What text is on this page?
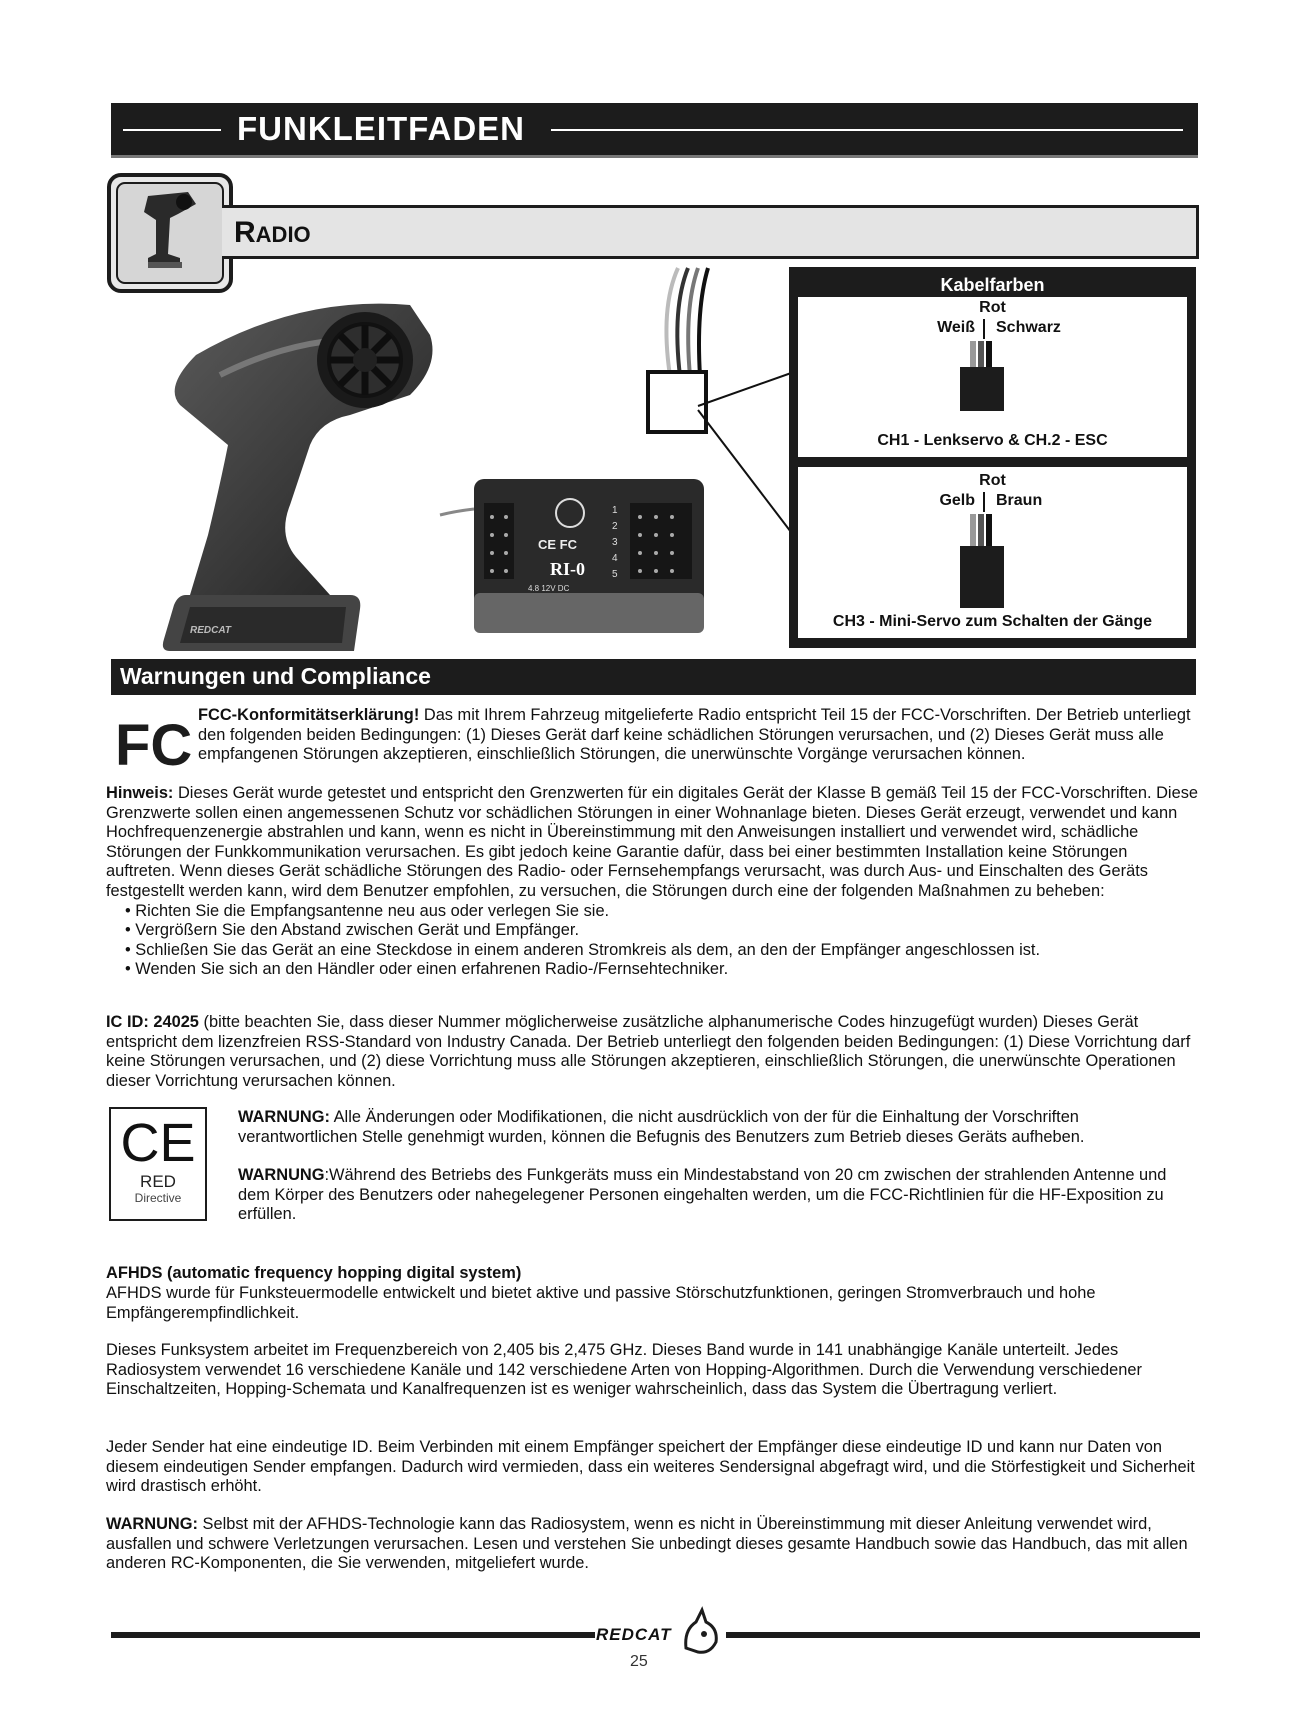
FUNKLEITFADEN
RADIO
REDCAT
CE FC
RI-0
4.8 12V DC
1
2
3
4
5
Kabelfarben
Rot
Weiß Schwarz
CH1 - Lenkservo & CH.2 - ESC
Rot
Gelb Braun
CH3 - Mini-Servo zum Schalten der Gänge
Warnungen und Compliance
FC FCC-Konformitätserklärung! Das mit Ihrem Fahrzeug mitgelieferte Radio entspricht Teil 15 der FCC-Vorschriften. Der Betrieb unterliegt den folgenden beiden Bedingungen: (1) Dieses Gerät darf keine schädlichen Störungen verursachen, und (2) Dieses Gerät muss alle empfangenen Störungen akzeptieren, einschließlich Störungen, die unerwünschte Vorgänge verursachen können.
Hinweis: Dieses Gerät wurde getestet und entspricht den Grenzwerten für ein digitales Gerät der Klasse B gemäß Teil 15 der FCC-Vorschriften. Diese Grenzwerte sollen einen angemessenen Schutz vor schädlichen Störungen in einer Wohnanlage bieten. Dieses Gerät erzeugt, verwendet und kann Hochfrequenzenergie abstrahlen und kann, wenn es nicht in Übereinstimmung mit den Anweisungen installiert und verwendet wird, schädliche Störungen der Funkkommunikation verursachen. Es gibt jedoch keine Garantie dafür, dass bei einer bestimmten Installation keine Störungen auftreten. Wenn dieses Gerät schädliche Störungen des Radio- oder Fernsehempfangs verursacht, was durch Aus- und Einschalten des Geräts festgestellt werden kann, wird dem Benutzer empfohlen, zu versuchen, die Störungen durch eine der folgenden Maßnahmen zu beheben:
• Richten Sie die Empfangsantenne neu aus oder verlegen Sie sie.
• Vergrößern Sie den Abstand zwischen Gerät und Empfänger.
• Schließen Sie das Gerät an eine Steckdose in einem anderen Stromkreis als dem, an den der Empfänger angeschlossen ist.
• Wenden Sie sich an den Händler oder einen erfahrenen Radio-/Fernsehtechniker.
IC ID: 24025 (bitte beachten Sie, dass dieser Nummer möglicherweise zusätzliche alphanumerische Codes hinzugefügt wurden) Dieses Gerät entspricht dem lizenzfreien RSS-Standard von Industry Canada. Der Betrieb unterliegt den folgenden beiden Bedingungen: (1) Diese Vorrichtung darf keine Störungen verursachen, und (2) diese Vorrichtung muss alle Störungen akzeptieren, einschließlich Störungen, die unerwünschte Operationen dieser Vorrichtung verursachen können.
CE
RED
Directive
WARNUNG: Alle Änderungen oder Modifikationen, die nicht ausdrücklich von der für die Einhaltung der Vorschriften verantwortlichen Stelle genehmigt wurden, können die Befugnis des Benutzers zum Betrieb dieses Geräts aufheben.
WARNUNG:Während des Betriebs des Funkgeräts muss ein Mindestabstand von 20 cm zwischen der strahlenden Antenne und dem Körper des Benutzers oder nahegelegener Personen eingehalten werden, um die FCC-Richtlinien für die HF-Exposition zu erfüllen.
AFHDS (automatic frequency hopping digital system)
AFHDS wurde für Funksteuermodelle entwickelt und bietet aktive und passive Störschutzfunktionen, geringen Stromverbrauch und hohe Empfängerempfindlichkeit.
Dieses Funksystem arbeitet im Frequenzbereich von 2,405 bis 2,475 GHz. Dieses Band wurde in 141 unabhängige Kanäle unterteilt. Jedes Radiosystem verwendet 16 verschiedene Kanäle und 142 verschiedene Arten von Hopping-Algorithmen. Durch die Verwendung verschiedener Einschaltzeiten, Hopping-Schemata und Kanalfrequenzen ist es weniger wahrscheinlich, dass das System die Übertragung verliert.
Jeder Sender hat eine eindeutige ID. Beim Verbinden mit einem Empfänger speichert der Empfänger diese eindeutige ID und kann nur Daten von diesem eindeutigen Sender empfangen. Dadurch wird vermieden, dass ein weiteres Sendersignal abgefragt wird, und die Störfestigkeit und Sicherheit wird drastisch erhöht.
WARNUNG: Selbst mit der AFHDS-Technologie kann das Radiosystem, wenn es nicht in Übereinstimmung mit dieser Anleitung verwendet wird, ausfallen und schwere Verletzungen verursachen. Lesen und verstehen Sie unbedingt dieses gesamte Handbuch sowie das Handbuch, das mit allen anderen RC-Komponenten, die Sie verwenden, mitgeliefert wurde.
REDCAT
25
